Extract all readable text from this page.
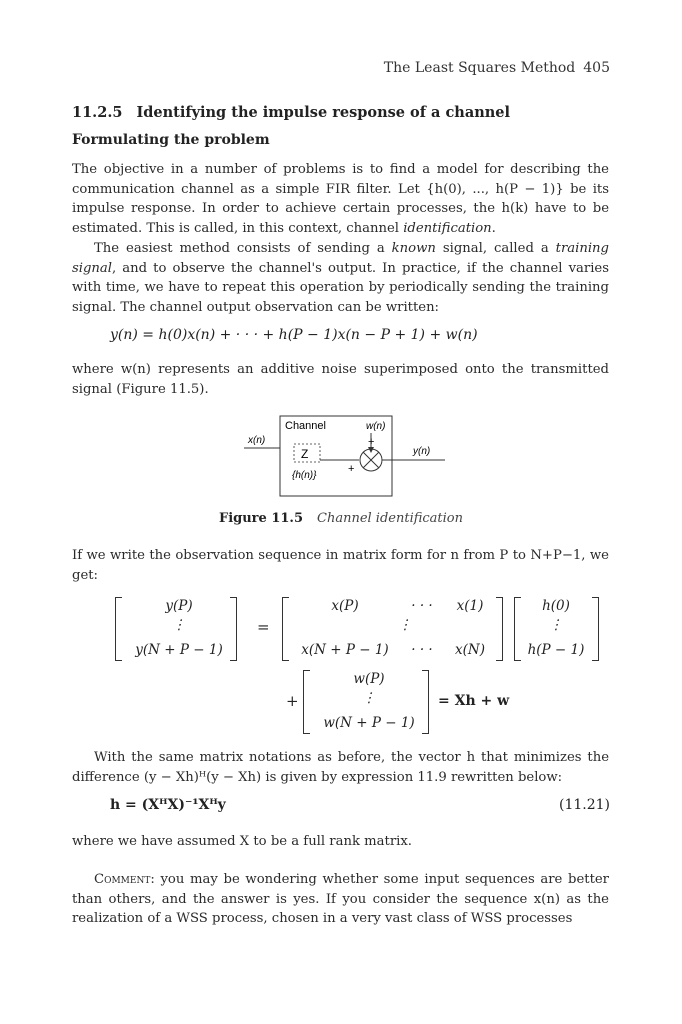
The Least Squares Method 405
11.2.5 Identifying the impulse response of a channel
Formulating the problem
The objective in a number of problems is to find a model for describing the communication channel as a simple FIR filter. Let {h(0), ..., h(P − 1)} be its impulse response. In order to achieve certain processes, the h(k) have to be estimated. This is called, in this context, channel identification.
The easiest method consists of sending a known signal, called a training signal, and to observe the channel's output. In practice, if the channel varies with time, we have to repeat this operation by periodically sending the training signal. The channel output observation can be written:
y(n) = h(0)x(n) + · · · + h(P − 1)x(n − P + 1) + w(n)
where w(n) represents an additive noise superimposed onto the transmitted signal (Figure 11.5).
Channel	w(n)
+
x(n)
Z
{h(n)}
+
y(n)
Figure 11.5 Channel identification
If we write the observation sequence in matrix form for n from P to N+P−1, we get:
y(P)
⋮
y(N + P − 1)
=
x(P)	· · ·	x(1)
⋮
x(N + P − 1)	· · ·	x(N)
h(0)
⋮
h(P − 1)
+
w(P)
⋮
w(N + P − 1)
= Xh + w
With the same matrix notations as before, the vector h that minimizes the difference (y − Xh)ᴴ(y − Xh) is given by expression 11.9 rewritten below:
h = (XᴴX)⁻¹Xᴴy	(11.21)
where we have assumed X to be a full rank matrix.
Comment: you may be wondering whether some input sequences are better than others, and the answer is yes. If you consider the sequence x(n) as the realization of a WSS process, chosen in a very vast class of WSS processes
